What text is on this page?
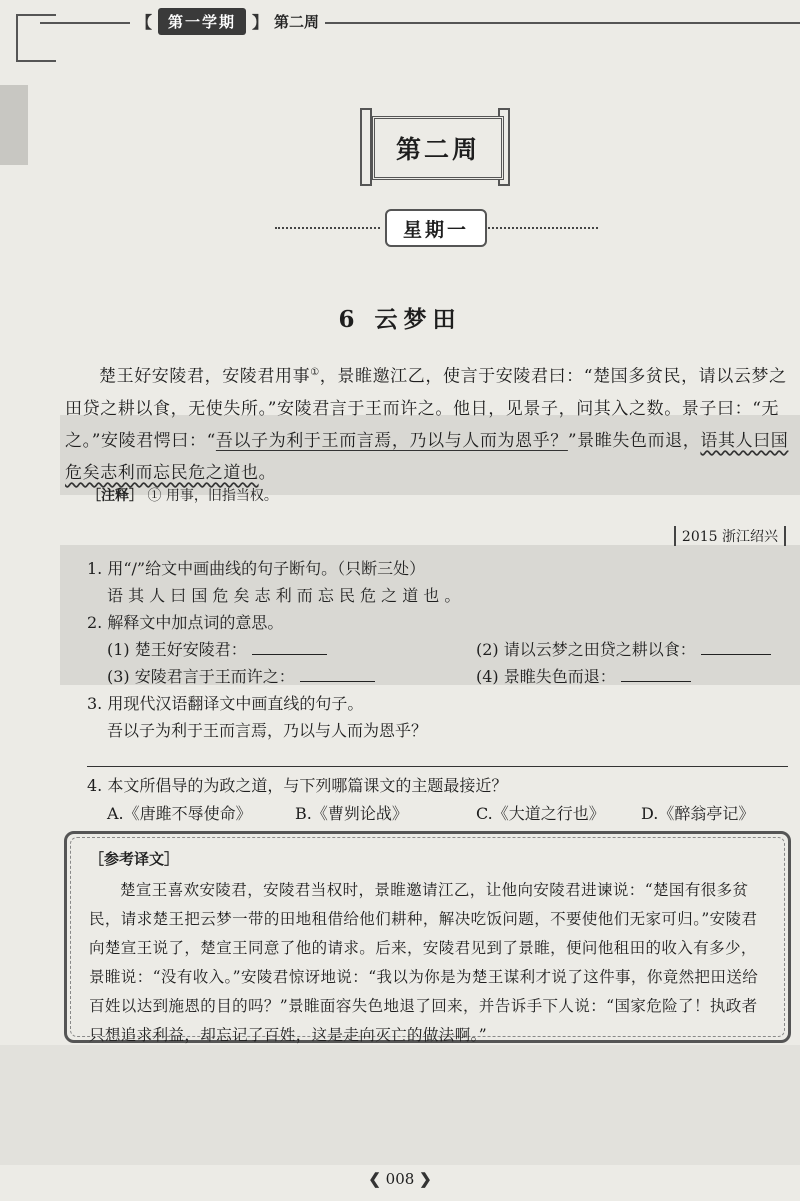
【	第一学期	】 第二周
第二周
星期一
6 云梦田

楚王好安陵君，安陵君用事①，景睢邀江乙，使言于安陵君曰：“楚国多贫民，请以云梦之田贷之耕以食，无使失所。”安陵君言于王而许之。他日，见景子，问其入之数。景子曰：“无之。”安陵君愕曰：“吾以子为利于王而言焉，乃以与人而为恩乎？”景睢失色而退，语其人曰国危矣志利而忘民危之道也。

［注释］ ① 用事，旧指当权。
2015 浙江绍兴
1. 用“/”给文中画曲线的句子断句。（只断三处）
语 其 人 曰 国 危 矣 志 利 而 忘 民 危 之 道 也 。
2. 解释文中加点词的意思。
(1) 楚王好安陵君：	(2) 请以云梦之田贷之耕以食：
(3) 安陵君言于王而许之：	(4) 景睢失色而退：
3. 用现代汉语翻译文中画直线的句子。
吾以子为利于王而言焉，乃以与人而为恩乎？
4. 本文所倡导的为政之道，与下列哪篇课文的主题最接近？
A.《唐雎不辱使命》	B.《曹刿论战》	C.《大道之行也》 D.《醉翁亭记》
［参考译文］

楚宣王喜欢安陵君，安陵君当权时，景睢邀请江乙，让他向安陵君进谏说：“楚国有很多贫民，请求楚王把云梦一带的田地租借给他们耕种，解决吃饭问题，不要使他们无家可归。”安陵君向楚宣王说了，楚宣王同意了他的请求。后来，安陵君见到了景睢，便问他租田的收入有多少，景睢说：“没有收入。”安陵君惊讶地说：“我以为你是为楚王谋利才说了这件事，你竟然把田送给百姓以达到施恩的目的吗？”景睢面容失色地退了回来，并告诉手下人说：“国家危险了！执政者只想追求利益，却忘记了百姓，这是走向灭亡的做法啊。”

❮ 008 ❯
